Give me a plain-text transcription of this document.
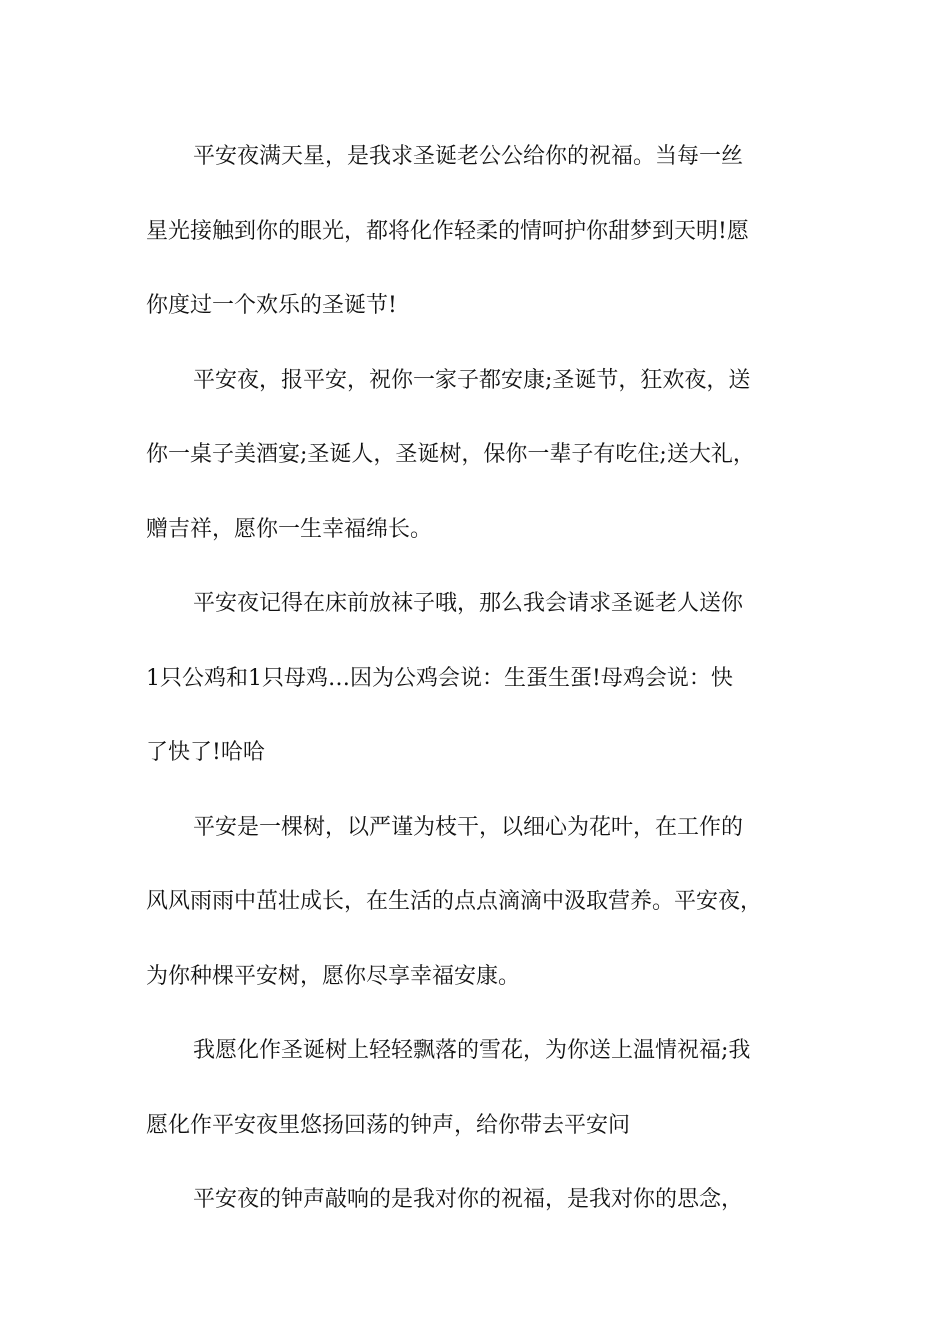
平安夜满天星，是我求圣诞老公公给你的祝福。当每一丝
星光接触到你的眼光，都将化作轻柔的情呵护你甜梦到天明!愿
你度过一个欢乐的圣诞节!
平安夜，报平安，祝你一家子都安康;圣诞节，狂欢夜，送
你一桌子美酒宴;圣诞人，圣诞树，保你一辈子有吃住;送大礼，
赠吉祥，愿你一生幸福绵长。
平安夜记得在床前放袜子哦，那么我会请求圣诞老人送你
1只公鸡和1只母鸡…因为公鸡会说：生蛋生蛋!母鸡会说：快
了快了!哈哈
平安是一棵树，以严谨为枝干，以细心为花叶，在工作的
风风雨雨中茁壮成长，在生活的点点滴滴中汲取营养。平安夜，
为你种棵平安树，愿你尽享幸福安康。
我愿化作圣诞树上轻轻飘落的雪花，为你送上温情祝福;我
愿化作平安夜里悠扬回荡的钟声，给你带去平安问
平安夜的钟声敲响的是我对你的祝福，是我对你的思念，
